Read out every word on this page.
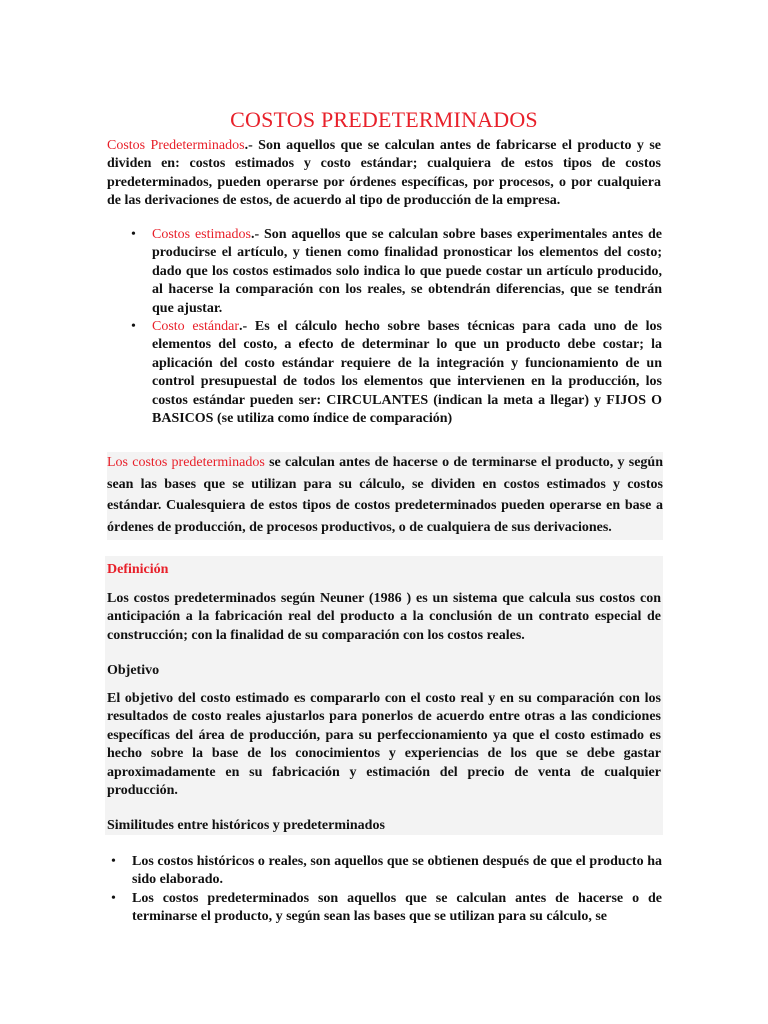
COSTOS PREDETERMINADOS

Costos Predeterminados.- Son aquellos que se calculan antes de fabricarse el producto y se dividen en: costos estimados y costo estándar; cualquiera de estos tipos de costos predeterminados, pueden operarse por órdenes específicas, por procesos, o por cualquiera de las derivaciones de estos, de acuerdo al tipo de producción de la empresa.

• Costos estimados.- Son aquellos que se calculan sobre bases experimentales antes de producirse el artículo, y tienen como finalidad pronosticar los elementos del costo; dado que los costos estimados solo indica lo que puede costar un artículo producido, al hacerse la comparación con los reales, se obtendrán diferencias, que se tendrán que ajustar.
• Costo estándar.- Es el cálculo hecho sobre bases técnicas para cada uno de los elementos del costo, a efecto de determinar lo que un producto debe costar; la aplicación del costo estándar requiere de la integración y funcionamiento de un control presupuestal de todos los elementos que intervienen en la producción, los costos estándar pueden ser: CIRCULANTES (indican la meta a llegar) y FIJOS O BASICOS (se utiliza como índice de comparación)

Los costos predeterminados se calculan antes de hacerse o de terminarse el producto, y según sean las bases que se utilizan para su cálculo, se dividen en costos estimados y costos estándar. Cualesquiera de estos tipos de costos predeterminados pueden operarse en base a órdenes de producción, de procesos productivos, o de cualquiera de sus derivaciones.

Definición

Los costos predeterminados según Neuner (1986 ) es un sistema que calcula sus costos con anticipación a la fabricación real del producto a la conclusión de un contrato especial de construcción; con la finalidad de su comparación con los costos reales.

Objetivo

El objetivo del costo estimado es compararlo con el costo real y en su comparación con los resultados de costo reales ajustarlos para ponerlos de acuerdo entre otras a las condiciones específicas del área de producción, para su perfeccionamiento ya que el costo estimado es hecho sobre la base de los conocimientos y experiencias de los que se debe gastar aproximadamente en su fabricación y estimación del precio de venta de cualquier producción.

Similitudes entre históricos y predeterminados
• Los costos históricos o reales, son aquellos que se obtienen después de que el producto ha sido elaborado.
• Los costos predeterminados son aquellos que se calculan antes de hacerse o de terminarse el producto, y según sean las bases que se utilizan para su cálculo, se
